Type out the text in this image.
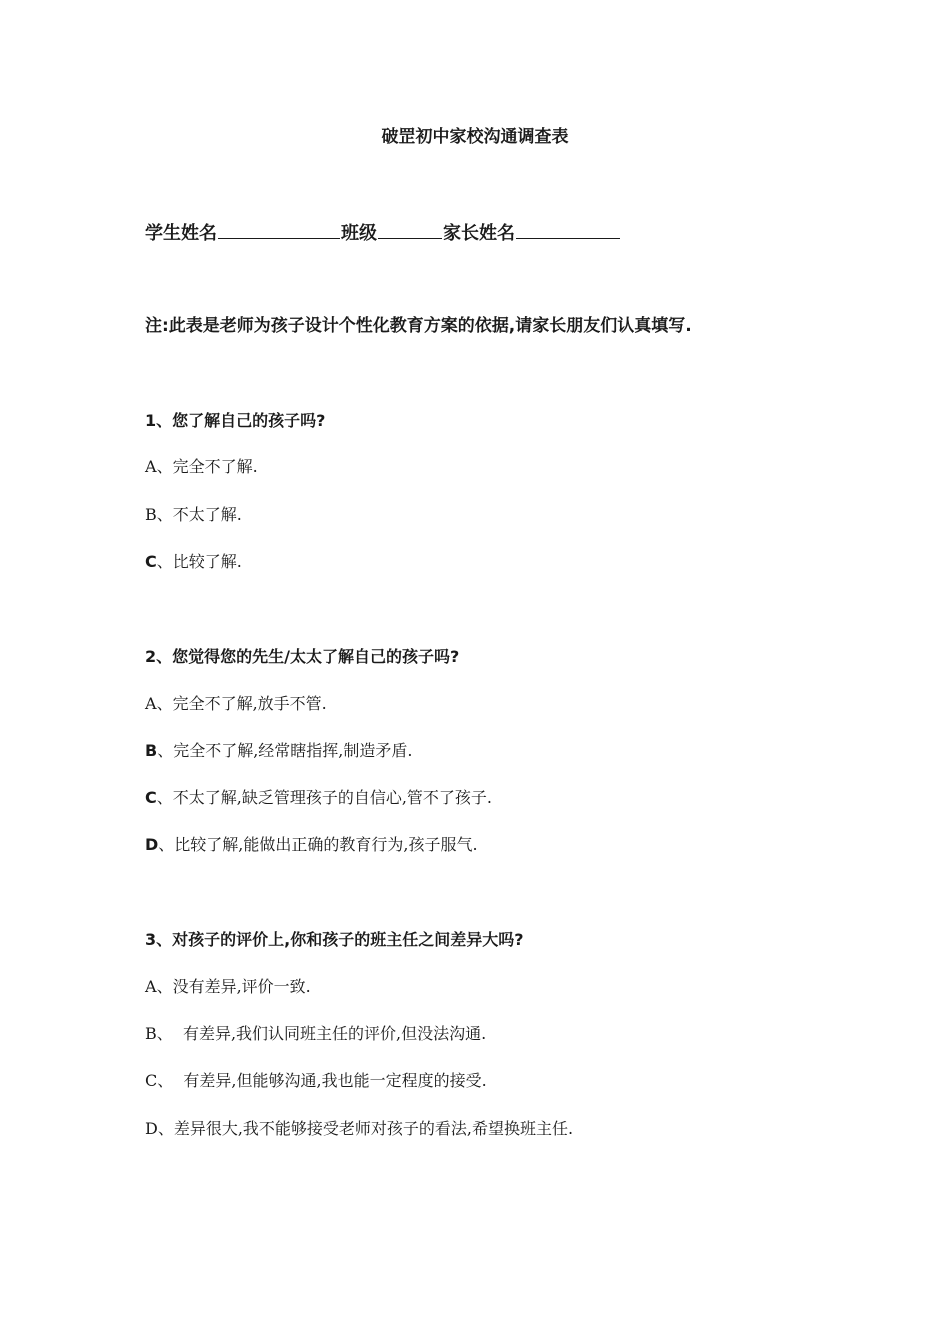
破罡初中家校沟通调查表
学生姓名	班级	家长姓名
注:此表是老师为孩子设计个性化教育方案的依据,请家长朋友们认真填写.
1、您了解自己的孩子吗?
A、完全不了解.
B、不太了解.
C、比较了解.
2、您觉得您的先生/太太了解自己的孩子吗?
A、完全不了解,放手不管.
B、完全不了解,经常瞎指挥,制造矛盾.
C、不太了解,缺乏管理孩子的自信心,管不了孩子.
D、比较了解,能做出正确的教育行为,孩子服气.
3、对孩子的评价上,你和孩子的班主任之间差异大吗?
A、没有差异,评价一致.
B、  有差异,我们认同班主任的评价,但没法沟通.
C、  有差异,但能够沟通,我也能一定程度的接受.
D、差异很大,我不能够接受老师对孩子的看法,希望换班主任.
